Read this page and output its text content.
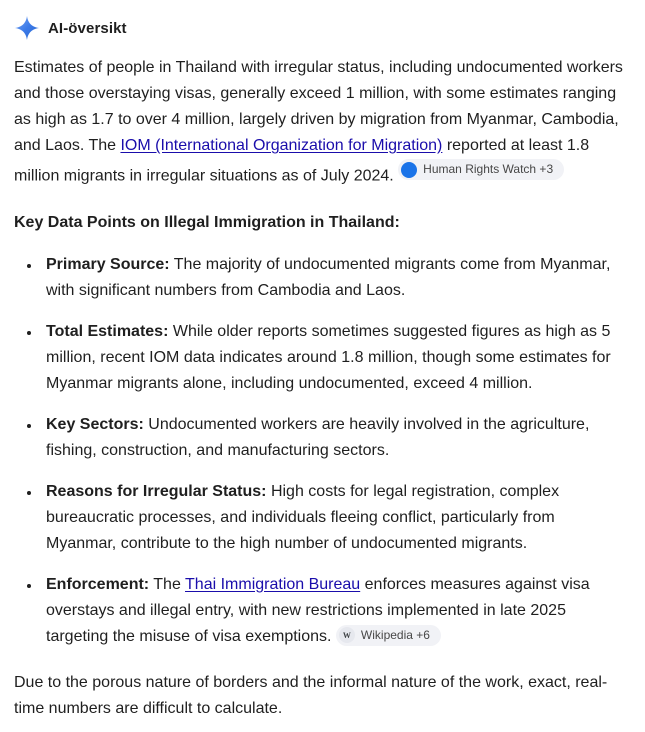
AI-översikt

Estimates of people in Thailand with irregular status, including undocumented workers and those overstaying visas, generally exceed 1 million, with some estimates ranging as high as 1.7 to over 4 million, largely driven by migration from Myanmar, Cambodia, and Laos. The IOM (International Organization for Migration) reported at least 1.8 million migrants in irregular situations as of July 2024. Human Rights Watch +3

Key Data Points on Illegal Immigration in Thailand:
• Primary Source: The majority of undocumented migrants come from Myanmar, with significant numbers from Cambodia and Laos.
• Total Estimates: While older reports sometimes suggested figures as high as 5 million, recent IOM data indicates around 1.8 million, though some estimates for Myanmar migrants alone, including undocumented, exceed 4 million.
• Key Sectors: Undocumented workers are heavily involved in the agriculture, fishing, construction, and manufacturing sectors.
• Reasons for Irregular Status: High costs for legal registration, complex bureaucratic processes, and individuals fleeing conflict, particularly from Myanmar, contribute to the high number of undocumented migrants.
• Enforcement: The Thai Immigration Bureau enforces measures against visa overstays and illegal entry, with new restrictions implemented in late 2025 targeting the misuse of visa exemptions. W Wikipedia +6

Due to the porous nature of borders and the informal nature of the work, exact, real-time numbers are difficult to calculate.
